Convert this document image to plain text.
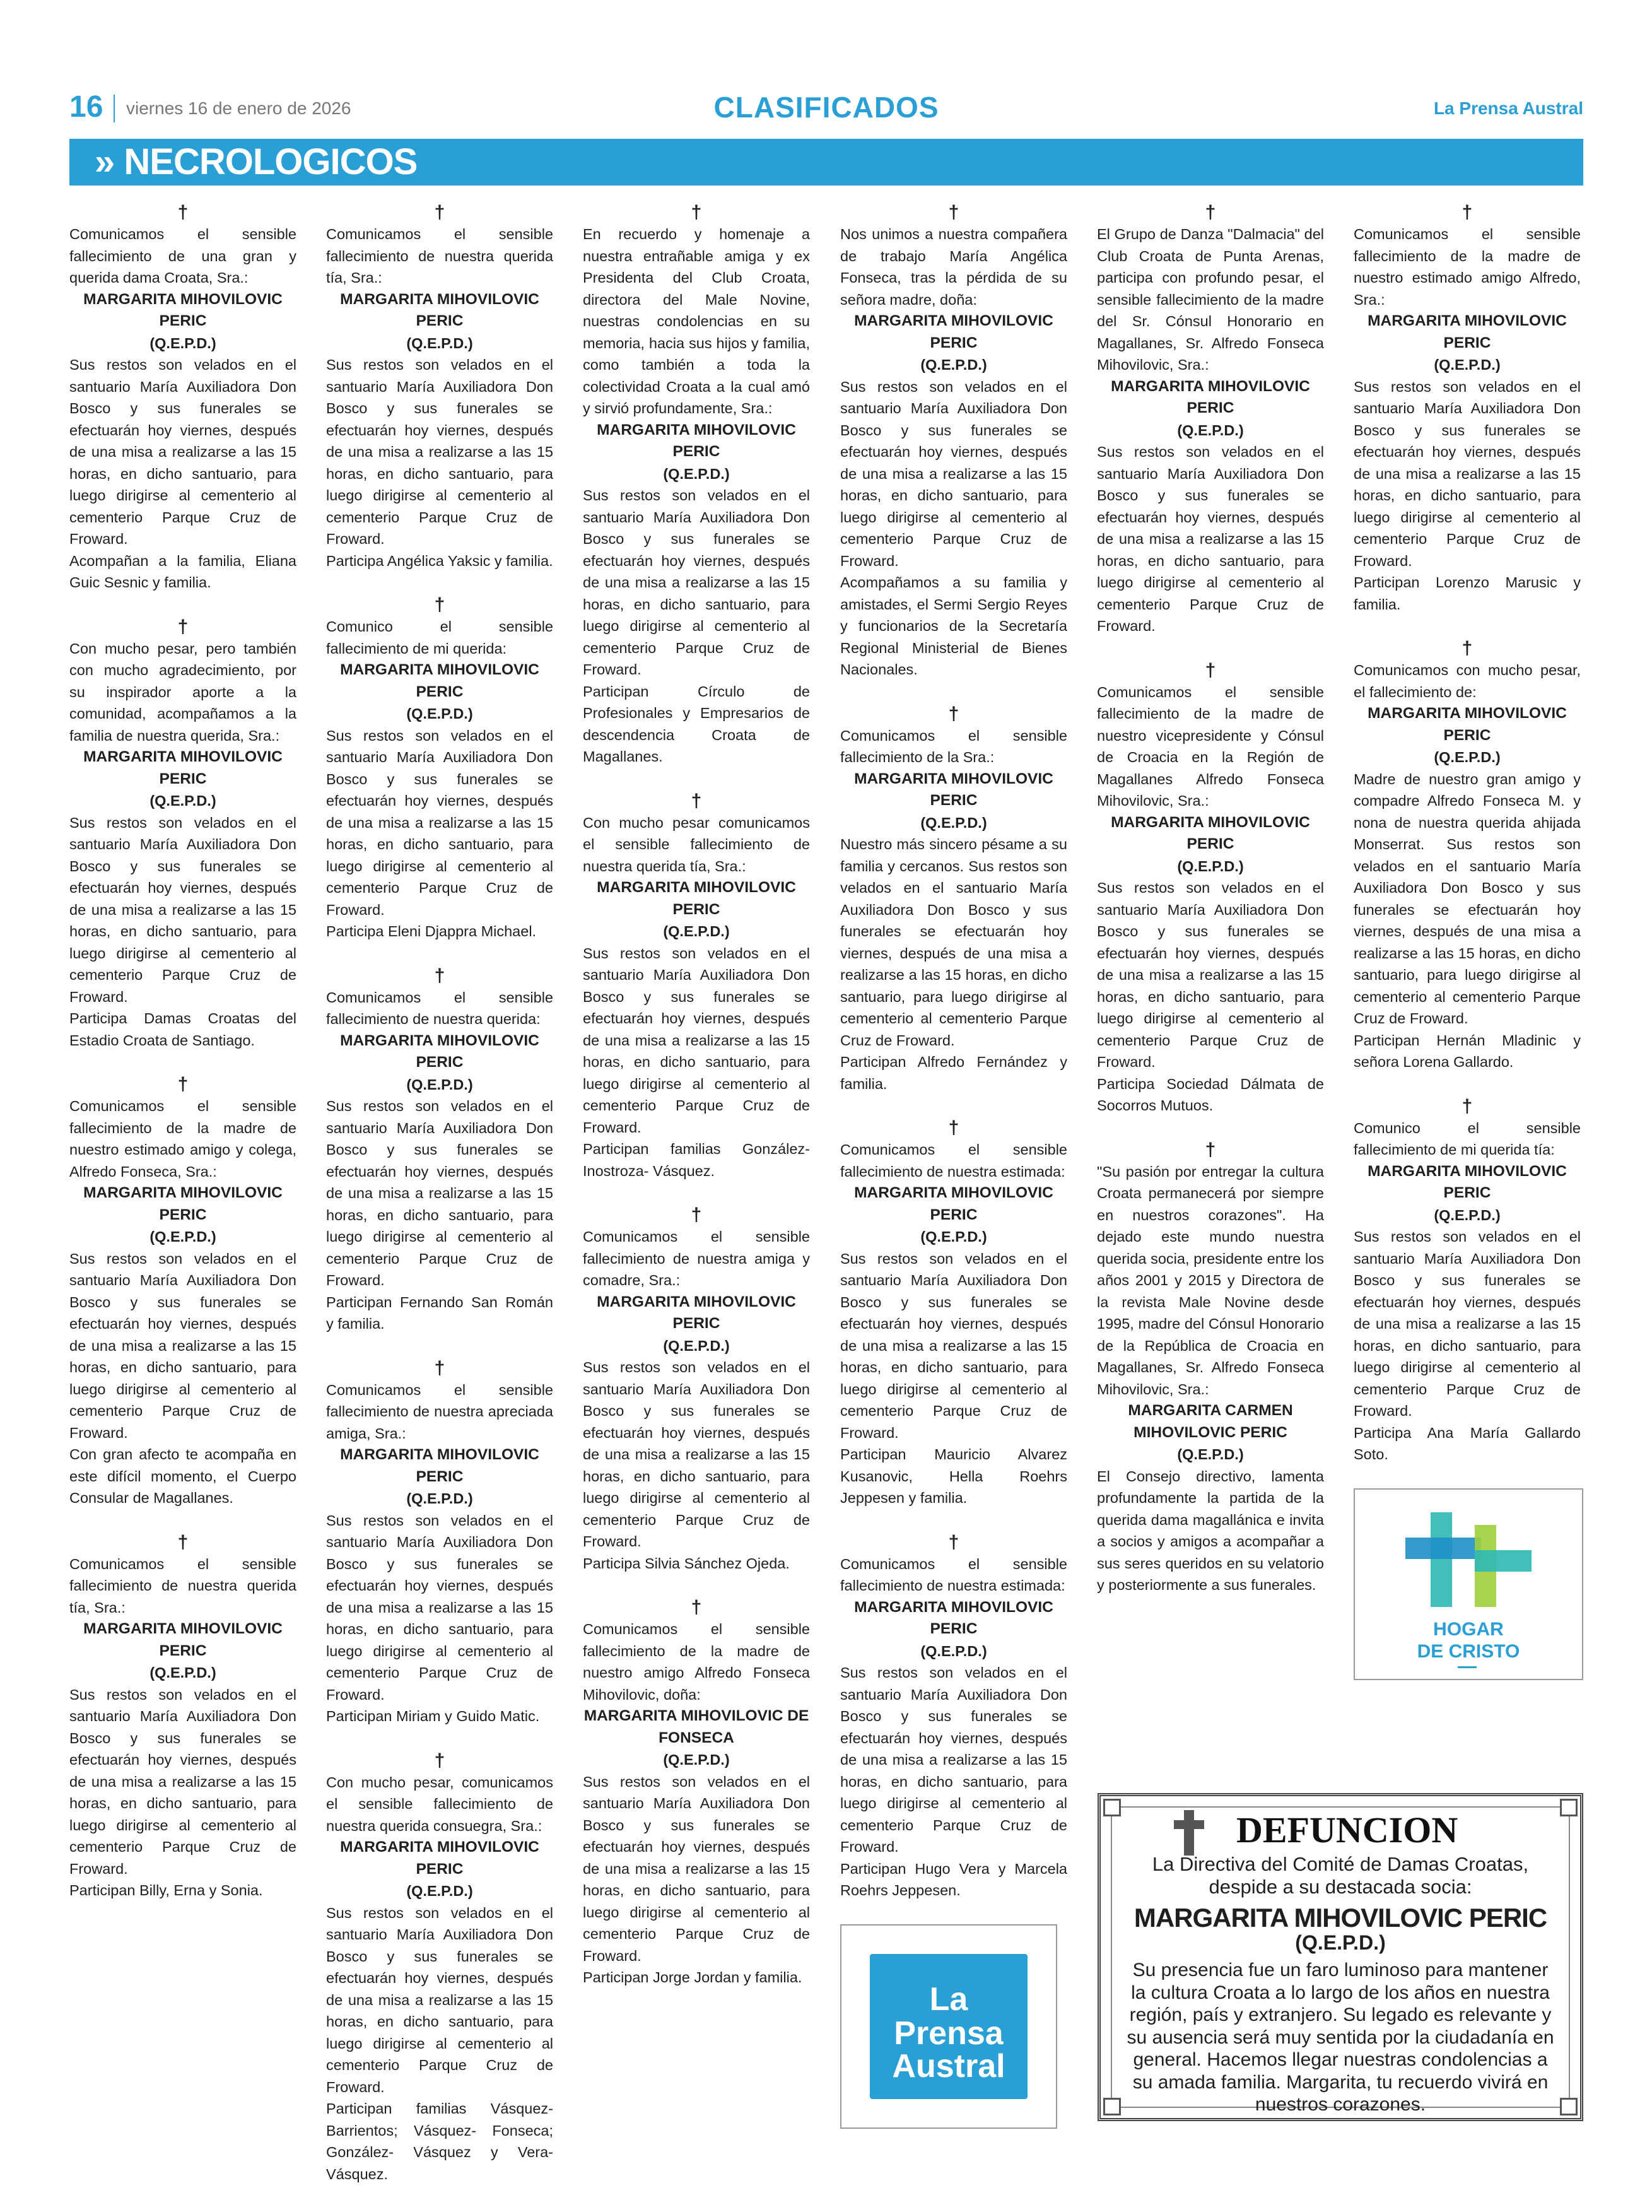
16 viernes 16 de enero de 2026	CLASIFICADOS	La Prensa Austral
» NECROLOGICOS
†
Comunicamos el sensible fallecimiento de una gran y querida dama Croata, Sra.:
MARGARITA MIHOVILOVIC PERIC
(Q.E.P.D.)
Sus restos son velados en el santuario María Auxiliadora Don Bosco y sus funerales se efectuarán hoy viernes, después de una misa a realizarse a las 15 horas, en dicho santuario, para luego dirigirse al cementerio al cementerio Parque Cruz de Froward.
Acompañan a la familia, Eliana Guic Sesnic y familia.
†
Con mucho pesar, pero también con mucho agradecimiento, por su inspirador aporte a la comunidad, acompañamos a la familia de nuestra querida, Sra.:
MARGARITA MIHOVILOVIC PERIC
(Q.E.P.D.)
Sus restos son velados en el santuario María Auxiliadora Don Bosco y sus funerales se efectuarán hoy viernes, después de una misa a realizarse a las 15 horas, en dicho santuario, para luego dirigirse al cementerio al cementerio Parque Cruz de Froward.
Participa Damas Croatas del Estadio Croata de Santiago.
†
Comunicamos el sensible fallecimiento de la madre de nuestro estimado amigo y colega, Alfredo Fonseca, Sra.:
MARGARITA MIHOVILOVIC PERIC
(Q.E.P.D.)
Sus restos son velados en el santuario María Auxiliadora Don Bosco y sus funerales se efectuarán hoy viernes, después de una misa a realizarse a las 15 horas, en dicho santuario, para luego dirigirse al cementerio al cementerio Parque Cruz de Froward.
Con gran afecto te acompaña en este difícil momento, el Cuerpo Consular de Magallanes.
†
Comunicamos el sensible fallecimiento de nuestra querida tía, Sra.:
MARGARITA MIHOVILOVIC PERIC
(Q.E.P.D.)
Sus restos son velados en el santuario María Auxiliadora Don Bosco y sus funerales se efectuarán hoy viernes, después de una misa a realizarse a las 15 horas, en dicho santuario, para luego dirigirse al cementerio al cementerio Parque Cruz de Froward.
Participan Billy, Erna y Sonia.
†
Comunicamos el sensible fallecimiento de nuestra querida tía, Sra.:
MARGARITA MIHOVILOVIC PERIC
(Q.E.P.D.)
Sus restos son velados en el santuario María Auxiliadora Don Bosco y sus funerales se efectuarán hoy viernes, después de una misa a realizarse a las 15 horas, en dicho santuario, para luego dirigirse al cementerio al cementerio Parque Cruz de Froward.
Participa Angélica Yaksic y familia.
†
Comunico el sensible fallecimiento de mi querida:
MARGARITA MIHOVILOVIC PERIC
(Q.E.P.D.)
Sus restos son velados en el santuario María Auxiliadora Don Bosco y sus funerales se efectuarán hoy viernes, después de una misa a realizarse a las 15 horas, en dicho santuario, para luego dirigirse al cementerio al cementerio Parque Cruz de Froward.
Participa Eleni Djappra Michael.
†
Comunicamos el sensible fallecimiento de nuestra querida:
MARGARITA MIHOVILOVIC PERIC
(Q.E.P.D.)
Sus restos son velados en el santuario María Auxiliadora Don Bosco y sus funerales se efectuarán hoy viernes, después de una misa a realizarse a las 15 horas, en dicho santuario, para luego dirigirse al cementerio al cementerio Parque Cruz de Froward.
Participan Fernando San Román y familia.
†
Comunicamos el sensible fallecimiento de nuestra apreciada amiga, Sra.:
MARGARITA MIHOVILOVIC PERIC
(Q.E.P.D.)
Sus restos son velados en el santuario María Auxiliadora Don Bosco y sus funerales se efectuarán hoy viernes, después de una misa a realizarse a las 15 horas, en dicho santuario, para luego dirigirse al cementerio al cementerio Parque Cruz de Froward.
Participan Miriam y Guido Matic.
†
Con mucho pesar, comunicamos el sensible fallecimiento de nuestra querida consuegra, Sra.:
MARGARITA MIHOVILOVIC PERIC
(Q.E.P.D.)
Sus restos son velados en el santuario María Auxiliadora Don Bosco y sus funerales se efectuarán hoy viernes, después de una misa a realizarse a las 15 horas, en dicho santuario, para luego dirigirse al cementerio al cementerio Parque Cruz de Froward.
Participan familias Vásquez-Barrientos; Vásquez- Fonseca; González- Vásquez y Vera- Vásquez.
†
En recuerdo y homenaje a nuestra entrañable amiga y ex Presidenta del Club Croata, directora del Male Novine, nuestras condolencias en su memoria, hacia sus hijos y familia, como también a toda la colectividad Croata a la cual amó y sirvió profundamente, Sra.:
MARGARITA MIHOVILOVIC PERIC
(Q.E.P.D.)
Sus restos son velados en el santuario María Auxiliadora Don Bosco y sus funerales se efectuarán hoy viernes, después de una misa a realizarse a las 15 horas, en dicho santuario, para luego dirigirse al cementerio al cementerio Parque Cruz de Froward.
Participan Círculo de Profesionales y Empresarios de descendencia Croata de Magallanes.
†
Con mucho pesar comunicamos el sensible fallecimiento de nuestra querida tía, Sra.:
MARGARITA MIHOVILOVIC PERIC
(Q.E.P.D.)
Sus restos son velados en el santuario María Auxiliadora Don Bosco y sus funerales se efectuarán hoy viernes, después de una misa a realizarse a las 15 horas, en dicho santuario, para luego dirigirse al cementerio al cementerio Parque Cruz de Froward.
Participan familias González-Inostroza- Vásquez.
†
Comunicamos el sensible fallecimiento de nuestra amiga y comadre, Sra.:
MARGARITA MIHOVILOVIC PERIC
(Q.E.P.D.)
Sus restos son velados en el santuario María Auxiliadora Don Bosco y sus funerales se efectuarán hoy viernes, después de una misa a realizarse a las 15 horas, en dicho santuario, para luego dirigirse al cementerio al cementerio Parque Cruz de Froward.
Participa Silvia Sánchez Ojeda.
†
Comunicamos el sensible fallecimiento de la madre de nuestro amigo Alfredo Fonseca Mihovilovic, doña:
MARGARITA MIHOVILOVIC DE FONSECA
(Q.E.P.D.)
Sus restos son velados en el santuario María Auxiliadora Don Bosco y sus funerales se efectuarán hoy viernes, después de una misa a realizarse a las 15 horas, en dicho santuario, para luego dirigirse al cementerio al cementerio Parque Cruz de Froward.
Participan Jorge Jordan y familia.
†
Nos unimos a nuestra compañera de trabajo María Angélica Fonseca, tras la pérdida de su señora madre, doña:
MARGARITA MIHOVILOVIC PERIC
(Q.E.P.D.)
Sus restos son velados en el santuario María Auxiliadora Don Bosco y sus funerales se efectuarán hoy viernes, después de una misa a realizarse a las 15 horas, en dicho santuario, para luego dirigirse al cementerio al cementerio Parque Cruz de Froward.
Acompañamos a su familia y amistades, el Sermi Sergio Reyes y funcionarios de la Secretaría Regional Ministerial de Bienes Nacionales.
†
Comunicamos el sensible fallecimiento de la Sra.:
MARGARITA MIHOVILOVIC PERIC
(Q.E.P.D.)
Nuestro más sincero pésame a su familia y cercanos. Sus restos son velados en el santuario María Auxiliadora Don Bosco y sus funerales se efectuarán hoy viernes, después de una misa a realizarse a las 15 horas, en dicho santuario, para luego dirigirse al cementerio al cementerio Parque Cruz de Froward.
Participan Alfredo Fernández y familia.
†
Comunicamos el sensible fallecimiento de nuestra estimada:
MARGARITA MIHOVILOVIC PERIC
(Q.E.P.D.)
Sus restos son velados en el santuario María Auxiliadora Don Bosco y sus funerales se efectuarán hoy viernes, después de una misa a realizarse a las 15 horas, en dicho santuario, para luego dirigirse al cementerio al cementerio Parque Cruz de Froward.
Participan Mauricio Alvarez Kusanovic, Hella Roehrs Jeppesen y familia.
†
Comunicamos el sensible fallecimiento de nuestra estimada:
MARGARITA MIHOVILOVIC PERIC
(Q.E.P.D.)
Sus restos son velados en el santuario María Auxiliadora Don Bosco y sus funerales se efectuarán hoy viernes, después de una misa a realizarse a las 15 horas, en dicho santuario, para luego dirigirse al cementerio al cementerio Parque Cruz de Froward.
Participan Hugo Vera y Marcela Roehrs Jeppesen.
La
Prensa
Austral
†
El Grupo de Danza "Dalmacia" del Club Croata de Punta Arenas, participa con profundo pesar, el sensible fallecimiento de la madre del Sr. Cónsul Honorario en Magallanes, Sr. Alfredo Fonseca Mihovilovic, Sra.:
MARGARITA MIHOVILOVIC PERIC
(Q.E.P.D.)
Sus restos son velados en el santuario María Auxiliadora Don Bosco y sus funerales se efectuarán hoy viernes, después de una misa a realizarse a las 15 horas, en dicho santuario, para luego dirigirse al cementerio al cementerio Parque Cruz de Froward.
†
Comunicamos el sensible fallecimiento de la madre de nuestro vicepresidente y Cónsul de Croacia en la Región de Magallanes Alfredo Fonseca Mihovilovic, Sra.:
MARGARITA MIHOVILOVIC PERIC
(Q.E.P.D.)
Sus restos son velados en el santuario María Auxiliadora Don Bosco y sus funerales se efectuarán hoy viernes, después de una misa a realizarse a las 15 horas, en dicho santuario, para luego dirigirse al cementerio al cementerio Parque Cruz de Froward.
Participa Sociedad Dálmata de Socorros Mutuos.
†
"Su pasión por entregar la cultura Croata permanecerá por siempre en nuestros corazones". Ha dejado este mundo nuestra querida socia, presidente entre los años 2001 y 2015 y Directora de la revista Male Novine desde 1995, madre del Cónsul Honorario de la República de Croacia en Magallanes, Sr. Alfredo Fonseca Mihovilovic, Sra.:
MARGARITA CARMEN MIHOVILOVIC PERIC
(Q.E.P.D.)
El Consejo directivo, lamenta profundamente la partida de la querida dama magallánica e invita a socios y amigos a acompañar a sus seres queridos en su velatorio y posteriormente a sus funerales.
†
Comunicamos el sensible fallecimiento de la madre de nuestro estimado amigo Alfredo, Sra.:
MARGARITA MIHOVILOVIC PERIC
(Q.E.P.D.)
Sus restos son velados en el santuario María Auxiliadora Don Bosco y sus funerales se efectuarán hoy viernes, después de una misa a realizarse a las 15 horas, en dicho santuario, para luego dirigirse al cementerio al cementerio Parque Cruz de Froward.
Participan Lorenzo Marusic y familia.
†
Comunicamos con mucho pesar, el fallecimiento de:
MARGARITA MIHOVILOVIC PERIC
(Q.E.P.D.)
Madre de nuestro gran amigo y compadre Alfredo Fonseca M. y nona de nuestra querida ahijada Monserrat. Sus restos son velados en el santuario María Auxiliadora Don Bosco y sus funerales se efectuarán hoy viernes, después de una misa a realizarse a las 15 horas, en dicho santuario, para luego dirigirse al cementerio al cementerio Parque Cruz de Froward.
Participan Hernán Mladinic y señora Lorena Gallardo.
†
Comunico el sensible fallecimiento de mi querida tía:
MARGARITA MIHOVILOVIC PERIC
(Q.E.P.D.)
Sus restos son velados en el santuario María Auxiliadora Don Bosco y sus funerales se efectuarán hoy viernes, después de una misa a realizarse a las 15 horas, en dicho santuario, para luego dirigirse al cementerio al cementerio Parque Cruz de Froward.
Participa Ana María Gallardo Soto.
HOGAR
DE CRISTO
DEFUNCION
La Directiva del Comité de Damas Croatas, despide a su destacada socia:
MARGARITA MIHOVILOVIC PERIC
(Q.E.P.D.)
Su presencia fue un faro luminoso para mantener la cultura Croata a lo largo de los años en nuestra región, país y extranjero. Su legado es relevante y su ausencia será muy sentida por la ciudadanía en general. Hacemos llegar nuestras condolencias a su amada familia. Margarita, tu recuerdo vivirá en nuestros corazones.
